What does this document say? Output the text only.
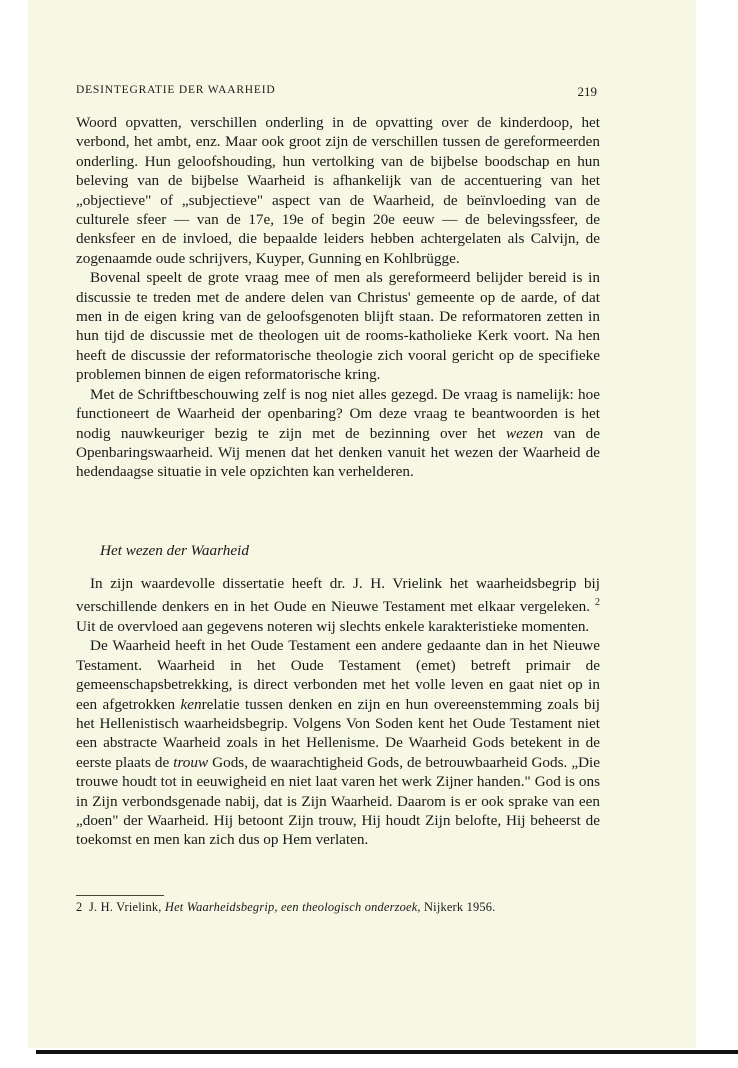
DESINTEGRATIE DER WAARHEID	219

Woord opvatten, verschillen onderling in de opvatting over de kinderdoop, het verbond, het ambt, enz. Maar ook groot zijn de verschillen tussen de gereformeerden onderling. Hun geloofshouding, hun vertolking van de bijbelse boodschap en hun beleving van de bijbelse Waarheid is afhankelijk van de accentuering van het „objectieve" of „subjectieve" aspect van de Waarheid, de beïnvloeding van de culturele sfeer — van de 17e, 19e of begin 20e eeuw — de belevingssfeer, de denksfeer en de invloed, die bepaalde leiders hebben achtergelaten als Calvijn, de zogenaamde oude schrijvers, Kuyper, Gunning en Kohlbrügge.

Bovenal speelt de grote vraag mee of men als gereformeerd belijder bereid is in discussie te treden met de andere delen van Christus' gemeente op de aarde, of dat men in de eigen kring van de geloofsgenoten blijft staan. De reformatoren zetten in hun tijd de discussie met de theologen uit de rooms-katholieke Kerk voort. Na hen heeft de discussie der reformatorische theologie zich vooral gericht op de specifieke problemen binnen de eigen reformatorische kring.

Met de Schriftbeschouwing zelf is nog niet alles gezegd. De vraag is namelijk: hoe functioneert de Waarheid der openbaring? Om deze vraag te beantwoorden is het nodig nauwkeuriger bezig te zijn met de bezinning over het wezen van de Openbaringswaarheid. Wij menen dat het denken vanuit het wezen der Waarheid de hedendaagse situatie in vele opzichten kan verhelderen.

Het wezen der Waarheid

In zijn waardevolle dissertatie heeft dr. J. H. Vrielink het waarheidsbegrip bij verschillende denkers en in het Oude en Nieuwe Testament met elkaar vergeleken. $^2$ Uit de overvloed aan gegevens noteren wij slechts enkele karakteristieke momenten.

De Waarheid heeft in het Oude Testament een andere gedaante dan in het Nieuwe Testament. Waarheid in het Oude Testament (emet) betreft primair de gemeenschapsbetrekking, is direct verbonden met het volle leven en gaat niet op in een afgetrokken kenrelatie tussen denken en zijn en hun overeenstemming zoals bij het Hellenistisch waarheidsbegrip. Volgens Von Soden kent het Oude Testament niet een abstracte Waarheid zoals in het Hellenisme. De Waarheid Gods betekent in de eerste plaats de trouw Gods, de waarachtigheid Gods, de betrouwbaarheid Gods. „Die trouwe houdt tot in eeuwigheid en niet laat varen het werk Zijner handen." God is ons in Zijn verbondsgenade nabij, dat is Zijn Waarheid. Daarom is er ook sprake van een „doen" der Waarheid. Hij betoont Zijn trouw, Hij houdt Zijn belofte, Hij beheerst de toekomst en men kan zich dus op Hem verlaten.

2 J. H. Vrielink, Het Waarheidsbegrip, een theologisch onderzoek, Nijkerk 1956.
